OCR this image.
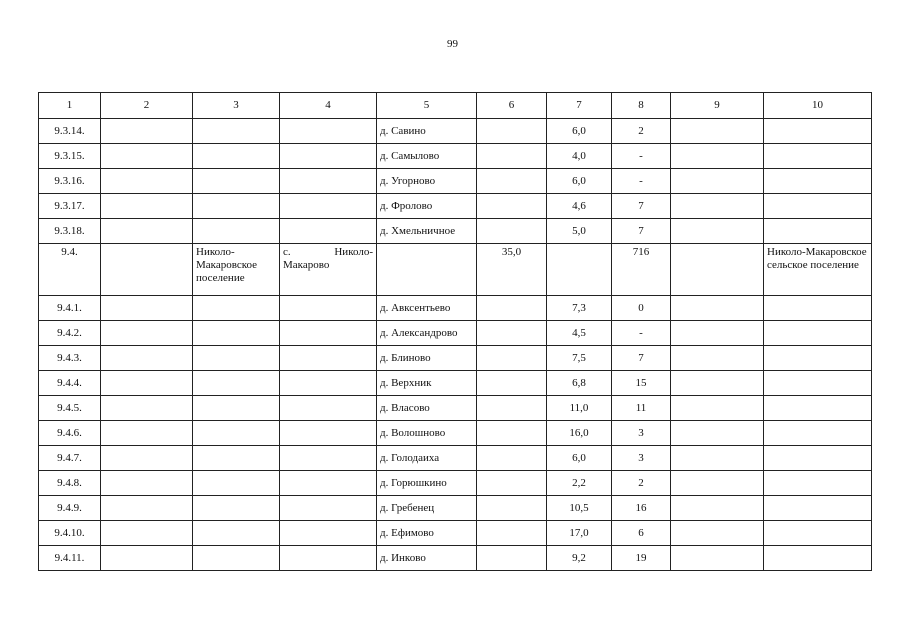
99
1	2	3	4	5	6	7	8	9	10
9.3.14.				д. Савино		6,0	2		
9.3.15.				д. Самылово		4,0	-		
9.3.16.				д. Угорново		6,0	-		
9.3.17.				д. Фролово		4,6	7		
9.3.18.				д. Хмельничное		5,0	7		
9.4.		Николо-Макаровское поселение	с. Николо-Макарово		35,0		716		Николо-Макаровское сельское поселение
9.4.1.				д. Авксентьево		7,3	0		
9.4.2.				д. Александрово		4,5	-		
9.4.3.				д. Блиново		7,5	7		
9.4.4.				д. Верхник		6,8	15		
9.4.5.				д. Власово		11,0	11		
9.4.6.				д. Волошново		16,0	3		
9.4.7.				д. Голодаиха		6,0	3		
9.4.8.				д. Горюшкино		2,2	2		
9.4.9.				д. Гребенец		10,5	16		
9.4.10.				д. Ефимово		17,0	6		
9.4.11.				д. Инково		9,2	19		
